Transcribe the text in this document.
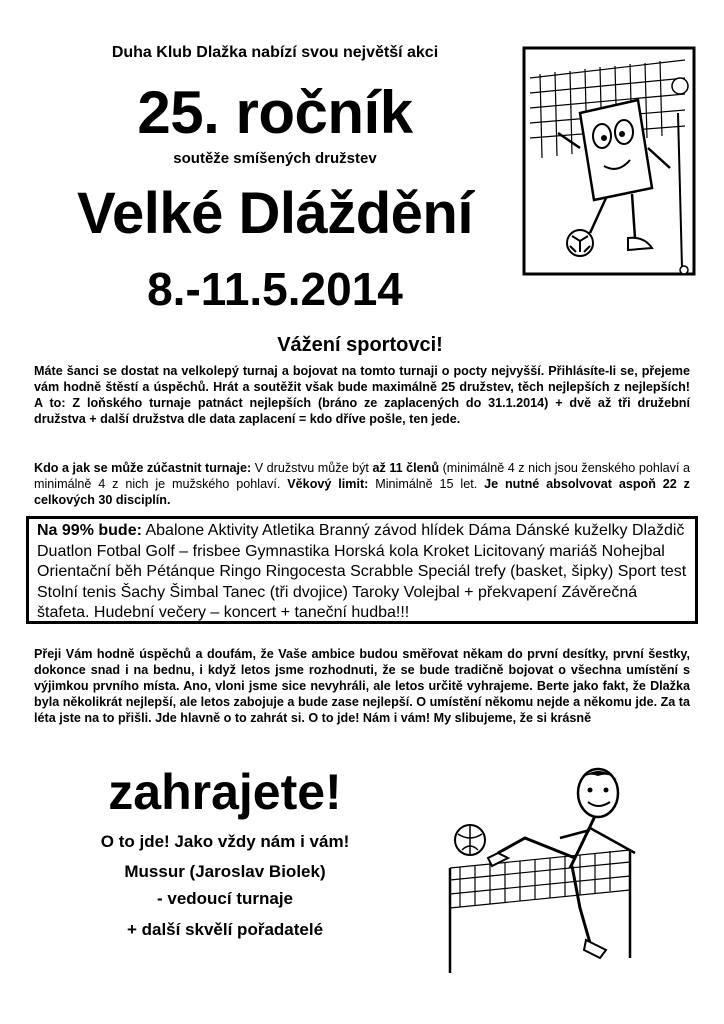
Duha Klub Dlažka nabízí svou největší akci
25. ročník
soutěže smíšených družstev
Velké Dláždění
8.-11.5.2014
Vážení sportovci!
Máte šanci se dostat na velkolepý turnaj a bojovat na tomto turnaji o pocty nejvyšší. Přihlásíte-li se, přejeme vám hodně štěstí a úspěchů. Hrát a soutěžit však bude maximálně 25 družstev, těch nejlepších z nejlepších! A to: Z loňského turnaje patnáct nejlepších (bráno ze zaplacených do 31.1.2014) + dvě až tři družební družstva + další družstva dle data zaplacení = kdo dříve pošle, ten jede.
Kdo a jak se může zúčastnit turnaje: V družstvu může být až 11 členů (minimálně 4 z nich jsou ženského pohlaví a minimálně 4 z nich je mužského pohlaví. Věkový limit: Minimálně 15 let. Je nutné absolvovat aspoň 22 z celkových 30 disciplín.
Na 99% bude: Abalone Aktivity Atletika Branný závod hlídek Dáma Dánské kuželky Dlaždič Duatlon Fotbal Golf – frisbee Gymnastika Horská kola Kroket Licitovaný mariáš Nohejbal Orientační běh Pétánque Ringo Ringocesta Scrabble Speciál trefy (basket, šipky) Sport test Stolní tenis Šachy Šimbal Tanec (tři dvojice) Taroky Volejbal + překvapení Závěrečná štafeta. Hudební večery – koncert + taneční hudba!!!
Přeji Vám hodně úspěchů a doufám, že Vaše ambice budou směřovat někam do první desítky, první šestky, dokonce snad i na bednu, i když letos jsme rozhodnuti, že se bude tradičně bojovat o všechna umístění s výjimkou prvního místa. Ano, vloni jsme sice nevyhráli, ale letos určitě vyhrajeme. Berte jako fakt, že Dlažka byla několikrát nejlepší, ale letos zabojuje a bude zase nejlepší. O umístění někomu nejde a někomu jde. Za ta léta jste na to přišli. Jde hlavně o to zahrát si. O to jde! Nám i vám! My slibujeme, že si krásně
zahrajete!
O to jde! Jako vždy nám i vám!
Mussur (Jaroslav Biolek)
- vedoucí turnaje
+ další skvělí pořadatelé
